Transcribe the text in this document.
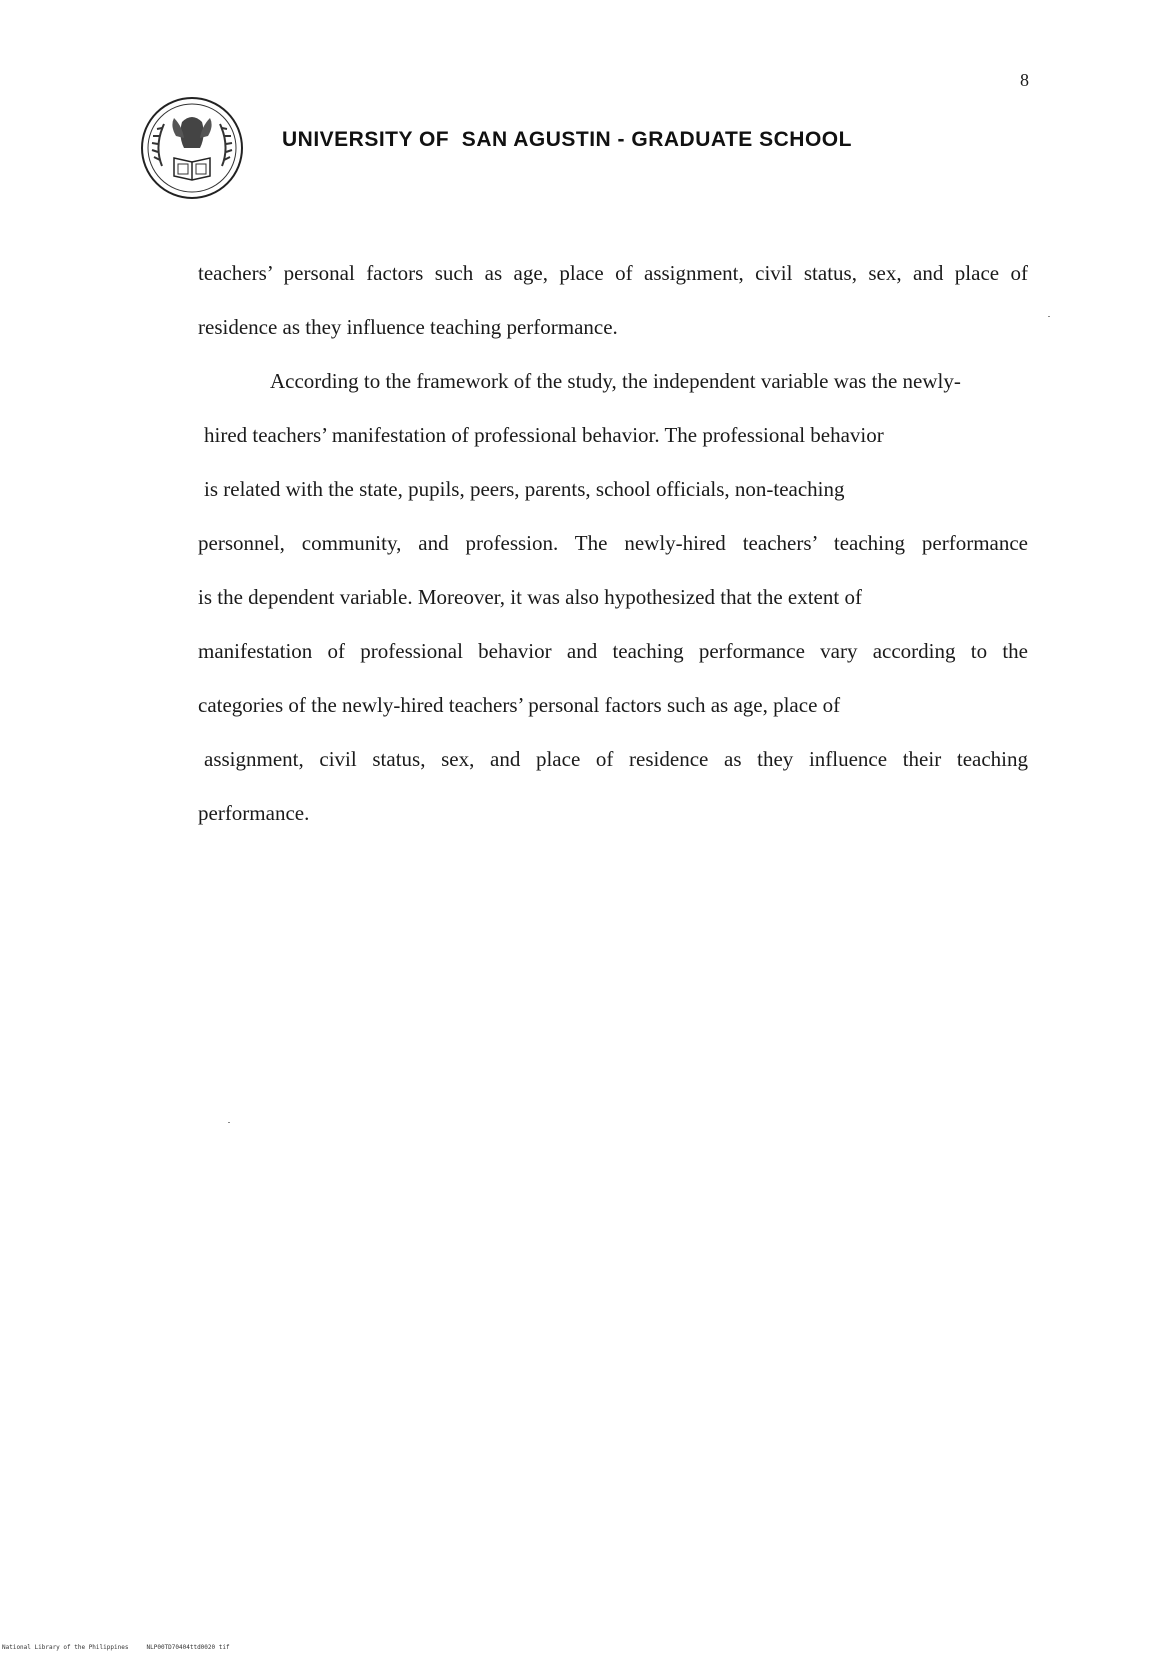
8
UNIVERSITY OF  SAN AGUSTIN - GRADUATE SCHOOL
teachers’ personal factors such as age, place of assignment, civil status, sex, and place of
residence as they influence teaching performance.
According to the framework of the study, the independent variable was the newly-
hired teachers’ manifestation of professional behavior. The professional behavior
is related with the state, pupils, peers, parents, school officials, non-teaching
personnel, community, and profession. The newly-hired teachers’ teaching performance
is the dependent variable. Moreover, it was also hypothesized that the extent of
manifestation of professional behavior and teaching performance vary according to the
categories of the newly-hired teachers’ personal factors such as age, place of
assignment, civil status, sex, and place of residence as they influence their teaching
performance.
National Library of the Philippines     NLP00TD70404ttd0020 tif
